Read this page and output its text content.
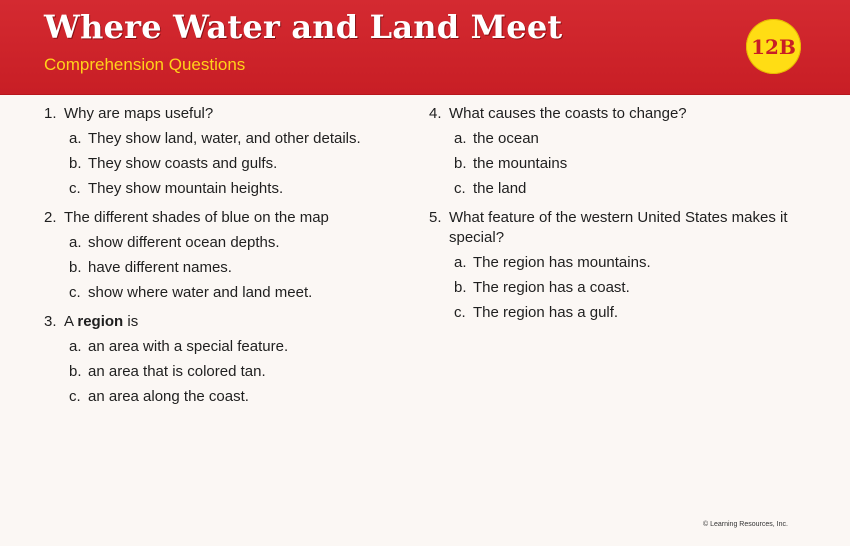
Where Water and Land Meet
Comprehension Questions
12B
1. Why are maps useful?
a. They show land, water, and other details.
b. They show coasts and gulfs.
c. They show mountain heights.
2. The different shades of blue on the map
a. show different ocean depths.
b. have different names.
c. show where water and land meet.
3. A region is
a. an area with a special feature.
b. an area that is colored tan.
c. an area along the coast.
4. What causes the coasts to change?
a. the ocean
b. the mountains
c. the land
5. What feature of the western United States makes it special?
a. The region has mountains.
b. The region has a coast.
c. The region has a gulf.
© Learning Resources, Inc.
